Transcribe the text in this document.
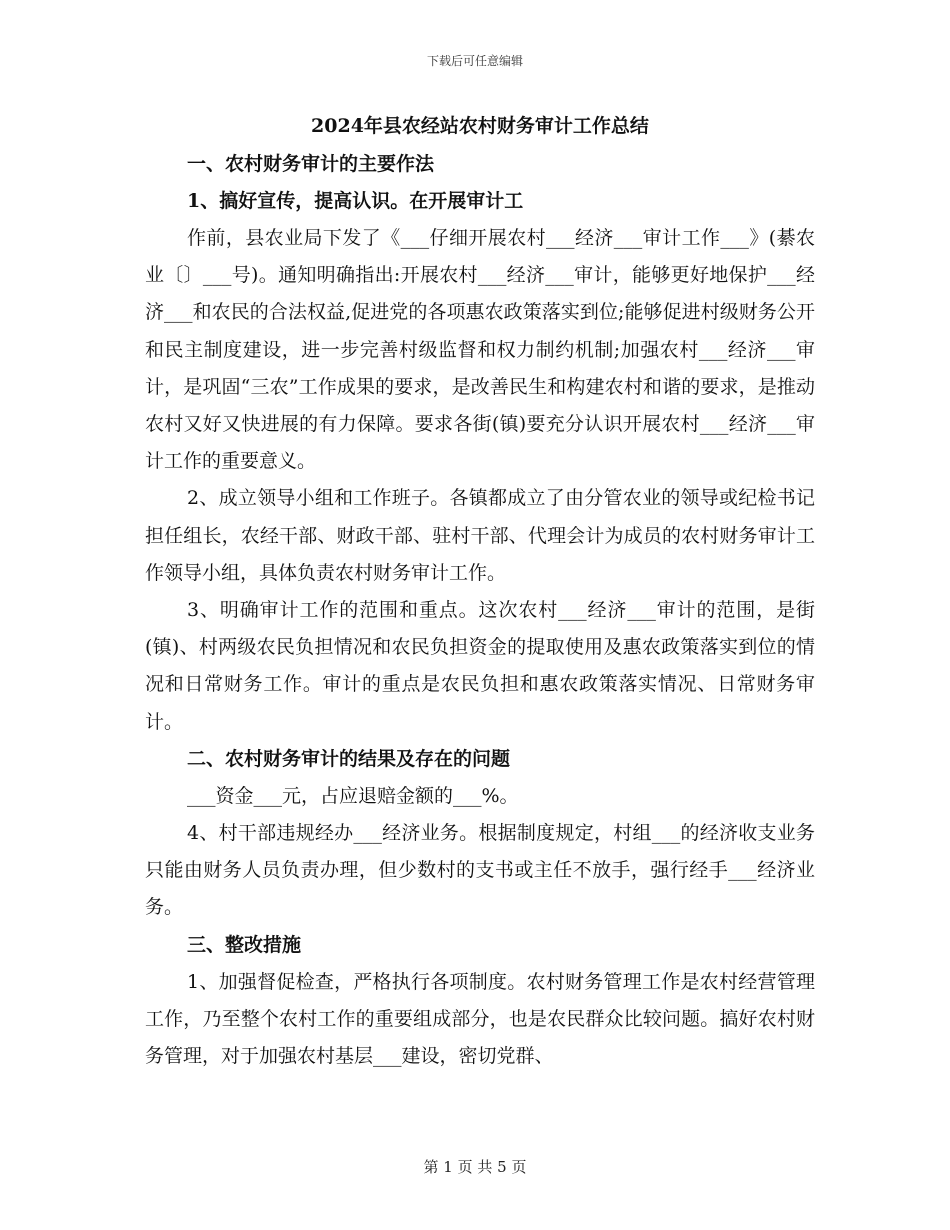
下载后可任意编辑
2024年县农经站农村财务审计工作总结
一、农村财务审计的主要作法
1、搞好宣传，提高认识。在开展审计工

作前，县农业局下发了《___仔细开展农村___经济___审计工作___》(綦农业〔〕___号)。通知明确指出:开展农村___经济___审计，能够更好地保护___经济___和农民的合法权益,促进党的各项惠农政策落实到位;能够促进村级财务公开和民主制度建设，进一步完善村级监督和权力制约机制;加强农村___经济___审计，是巩固“三农”工作成果的要求，是改善民生和构建农村和谐的要求，是推动农村又好又快进展的有力保障。要求各街(镇)要充分认识开展农村___经济___审计工作的重要意义。

2、成立领导小组和工作班子。各镇都成立了由分管农业的领导或纪检书记担任组长，农经干部、财政干部、驻村干部、代理会计为成员的农村财务审计工作领导小组，具体负责农村财务审计工作。

3、明确审计工作的范围和重点。这次农村___经济___审计的范围，是街(镇)、村两级农民负担情况和农民负担资金的提取使用及惠农政策落实到位的情况和日常财务工作。审计的重点是农民负担和惠农政策落实情况、日常财务审计。

二、农村财务审计的结果及存在的问题

___资金___元，占应退赔金额的___%。

4、村干部违规经办___经济业务。根据制度规定，村组___的经济收支业务只能由财务人员负责办理，但少数村的支书或主任不放手，强行经手___经济业务。

三、整改措施

1、加强督促检查，严格执行各项制度。农村财务管理工作是农村经营管理工作，乃至整个农村工作的重要组成部分，也是农民群众比较问题。搞好农村财务管理，对于加强农村基层___建设，密切党群、

第 1 页 共 5 页
